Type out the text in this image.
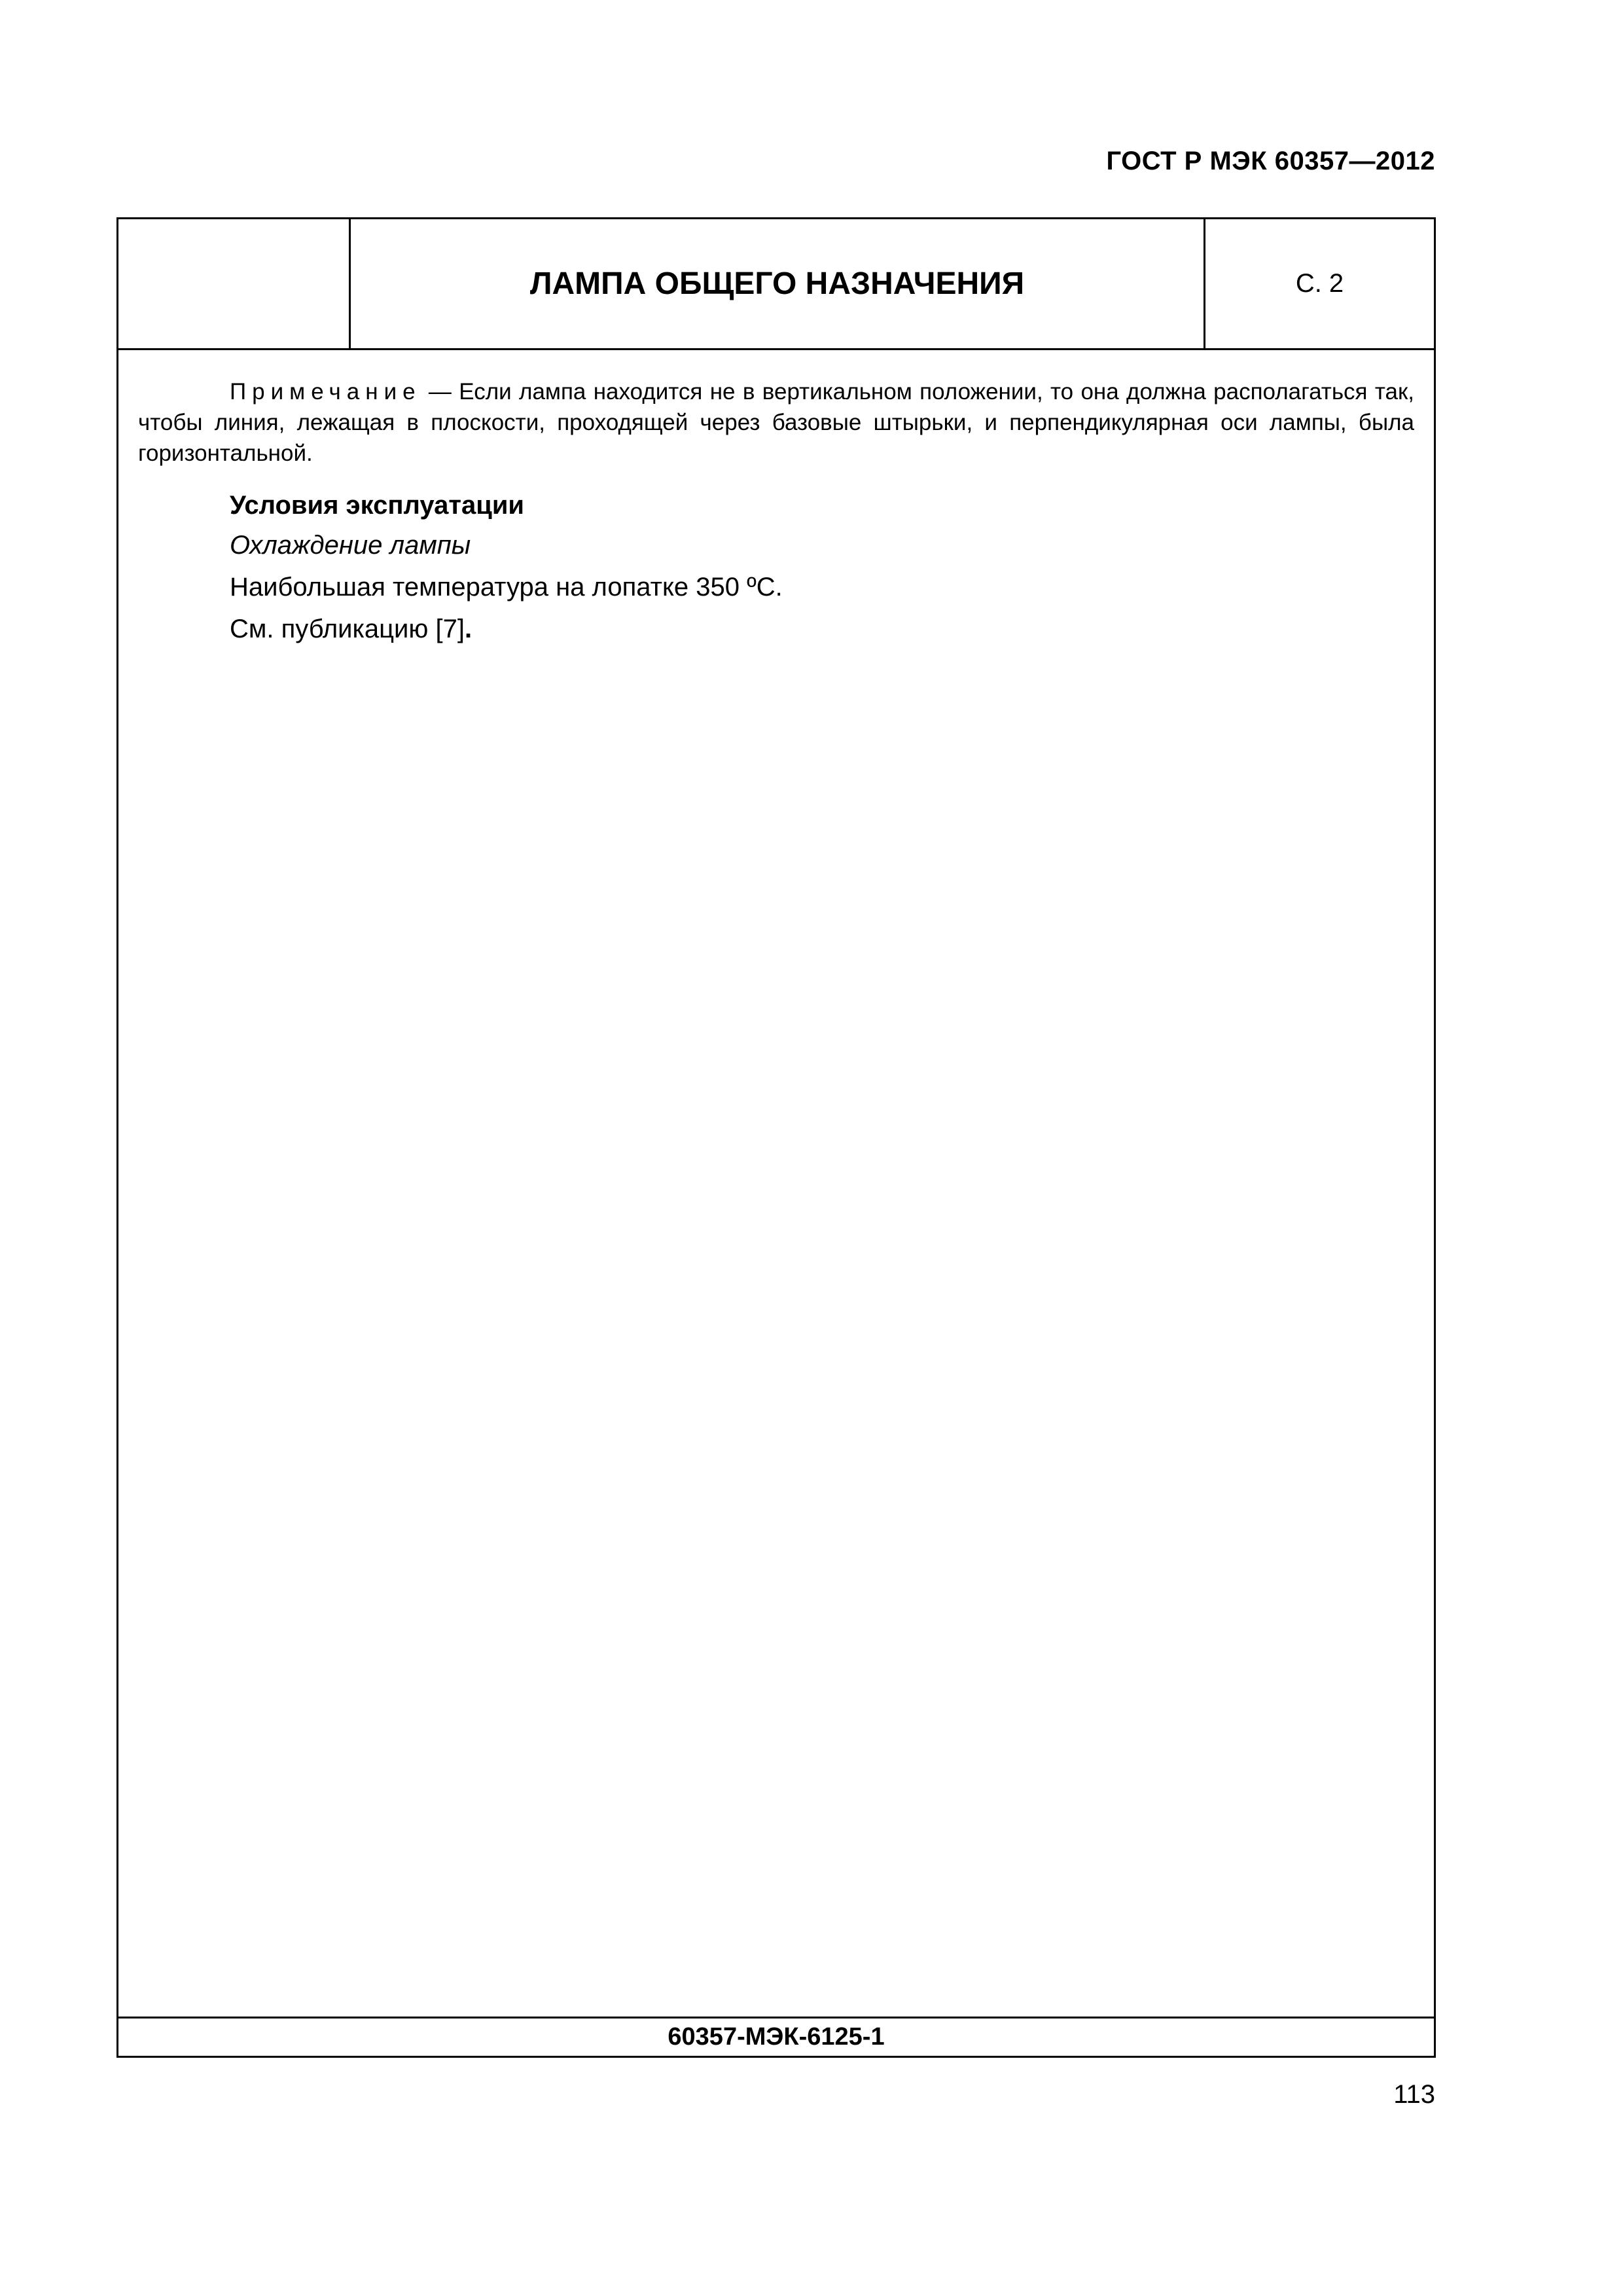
ГОСТ Р МЭК 60357—2012
ЛАМПА ОБЩЕГО НАЗНАЧЕНИЯ	С. 2

Примечание — Если лампа находится не в вертикальном положении, то она должна располагаться так, чтобы линия, лежащая в плоскости, проходящей через базовые штырьки, и перпендикулярная оси лампы, была горизонтальной.

Условия эксплуатации
Охлаждение лампы
Наибольшая температура на лопатке 350 ºС.
См. публикацию [7].
60357-МЭК-6125-1
113
